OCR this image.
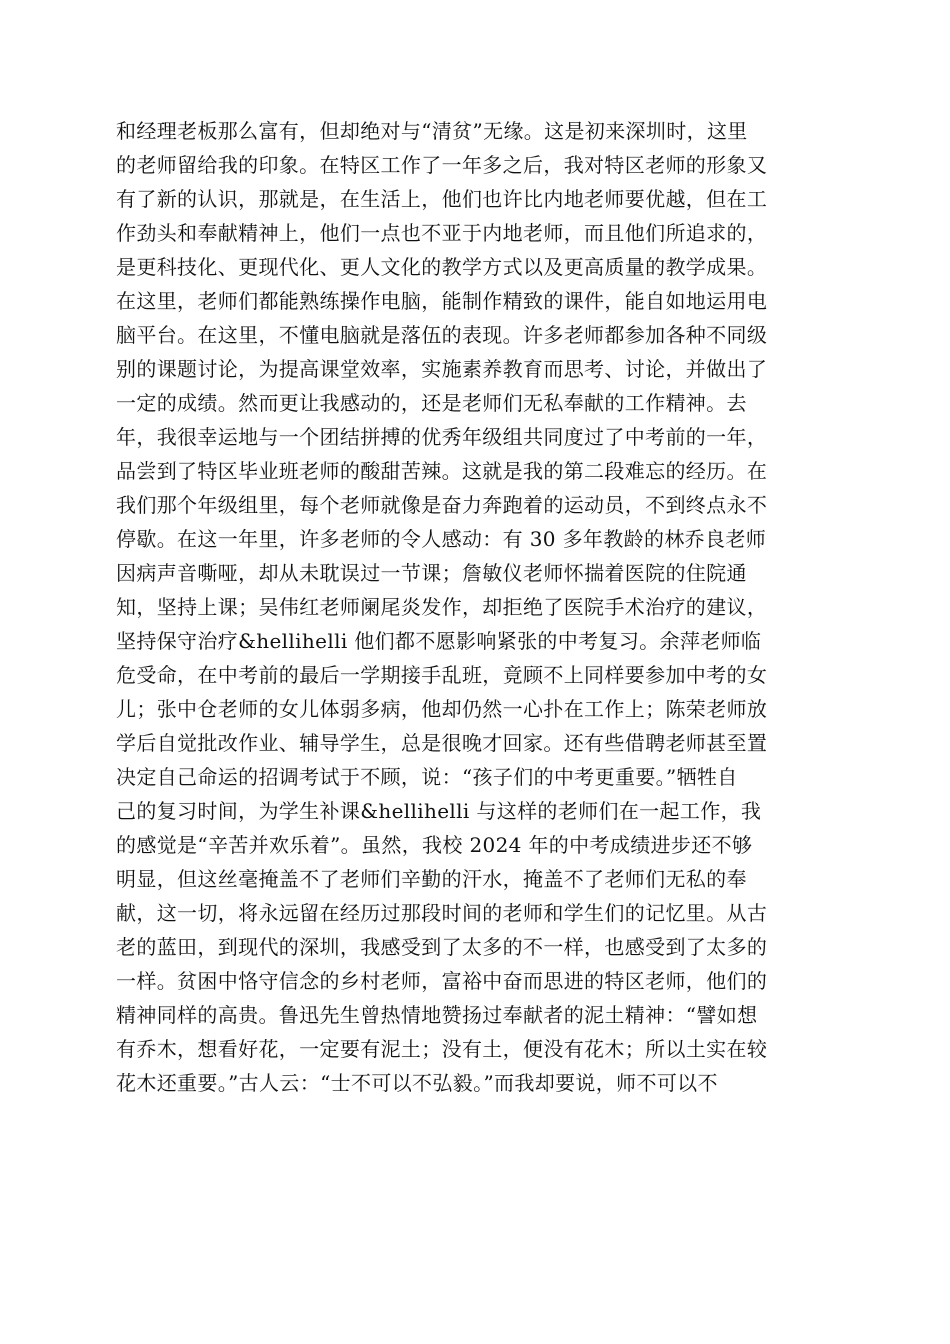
和经理老板那么富有，但却绝对与“清贫”无缘。这是初来深圳时，这里
的老师留给我的印象。在特区工作了一年多之后，我对特区老师的形象又
有了新的认识，那就是，在生活上，他们也许比内地老师要优越，但在工
作劲头和奉献精神上，他们一点也不亚于内地老师，而且他们所追求的，
是更科技化、更现代化、更人文化的教学方式以及更高质量的教学成果。
在这里，老师们都能熟练操作电脑，能制作精致的课件，能自如地运用电
脑平台。在这里，不懂电脑就是落伍的表现。许多老师都参加各种不同级
别的课题讨论，为提高课堂效率，实施素养教育而思考、讨论，并做出了
一定的成绩。然而更让我感动的，还是老师们无私奉献的工作精神。去
年，我很幸运地与一个团结拼搏的优秀年级组共同度过了中考前的一年，
品尝到了特区毕业班老师的酸甜苦辣。这就是我的第二段难忘的经历。在
我们那个年级组里，每个老师就像是奋力奔跑着的运动员，不到终点永不
停歇。在这一年里，许多老师的令人感动：有 30 多年教龄的林乔良老师
因病声音嘶哑，却从未耽误过一节课；詹敏仪老师怀揣着医院的住院通
知，坚持上课；吴伟红老师阑尾炎发作，却拒绝了医院手术治疗的建议，
坚持保守治疗&hellihelli 他们都不愿影响紧张的中考复习。余萍老师临
危受命，在中考前的最后一学期接手乱班，竟顾不上同样要参加中考的女
儿；张中仓老师的女儿体弱多病，他却仍然一心扑在工作上；陈荣老师放
学后自觉批改作业、辅导学生，总是很晚才回家。还有些借聘老师甚至置
决定自己命运的招调考试于不顾，说：“孩子们的中考更重要。”牺牲自
己的复习时间，为学生补课&hellihelli 与这样的老师们在一起工作，我
的感觉是“辛苦并欢乐着”。虽然，我校 2024 年的中考成绩进步还不够
明显，但这丝毫掩盖不了老师们辛勤的汗水，掩盖不了老师们无私的奉
献，这一切，将永远留在经历过那段时间的老师和学生们的记忆里。从古
老的蓝田，到现代的深圳，我感受到了太多的不一样，也感受到了太多的
一样。贫困中恪守信念的乡村老师，富裕中奋而思进的特区老师，他们的
精神同样的高贵。鲁迅先生曾热情地赞扬过奉献者的泥土精神：“譬如想
有乔木，想看好花，一定要有泥土；没有土，便没有花木；所以土实在较
花木还重要。”古人云：“士不可以不弘毅。”而我却要说，师不可以不
